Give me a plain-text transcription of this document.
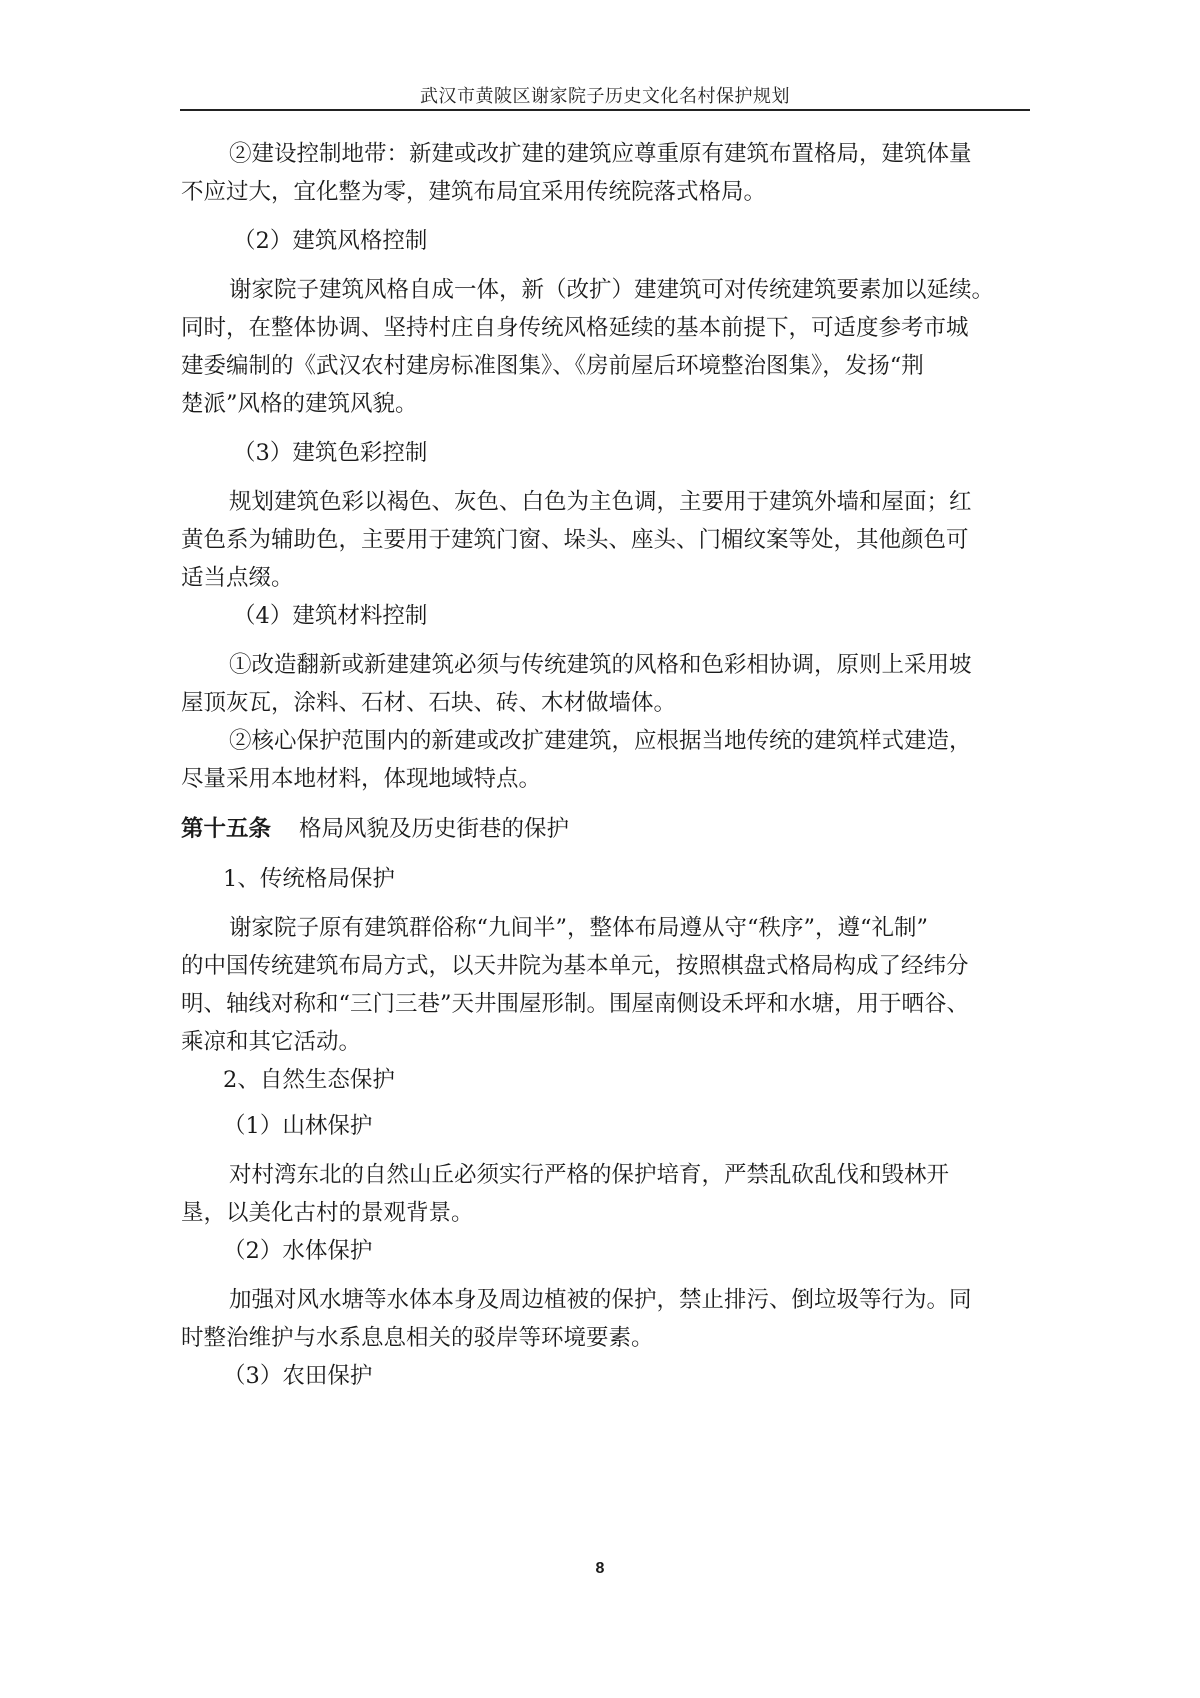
武汉市黄陂区谢家院子历史文化名村保护规划
②建设控制地带：新建或改扩建的建筑应尊重原有建筑布置格局，建筑体量
不应过大，宜化整为零，建筑布局宜采用传统院落式格局。
（2）建筑风格控制
谢家院子建筑风格自成一体，新（改扩）建建筑可对传统建筑要素加以延续。
同时，在整体协调、坚持村庄自身传统风格延续的基本前提下，可适度参考市城
建委编制的《武汉农村建房标准图集》、《房前屋后环境整治图集》，发扬“荆
楚派”风格的建筑风貌。
（3）建筑色彩控制
规划建筑色彩以褐色、灰色、白色为主色调，主要用于建筑外墙和屋面；红
黄色系为辅助色，主要用于建筑门窗、垛头、座头、门楣纹案等处，其他颜色可
适当点缀。
（4）建筑材料控制
①改造翻新或新建建筑必须与传统建筑的风格和色彩相协调，原则上采用坡
屋顶灰瓦，涂料、石材、石块、砖、木材做墙体。
②核心保护范围内的新建或改扩建建筑，应根据当地传统的建筑样式建造，
尽量采用本地材料，体现地域特点。
第十五条 格局风貌及历史街巷的保护
1、传统格局保护
谢家院子原有建筑群俗称“九间半”，整体布局遵从守“秩序”，遵“礼制”
的中国传统建筑布局方式，以天井院为基本单元，按照棋盘式格局构成了经纬分
明、轴线对称和“三门三巷”天井围屋形制。围屋南侧设禾坪和水塘，用于晒谷、
乘凉和其它活动。
2、自然生态保护
（1）山林保护
对村湾东北的自然山丘必须实行严格的保护培育，严禁乱砍乱伐和毁林开
垦，以美化古村的景观背景。
（2）水体保护
加强对风水塘等水体本身及周边植被的保护，禁止排污、倒垃圾等行为。同
时整治维护与水系息息相关的驳岸等环境要素。
（3）农田保护
8
